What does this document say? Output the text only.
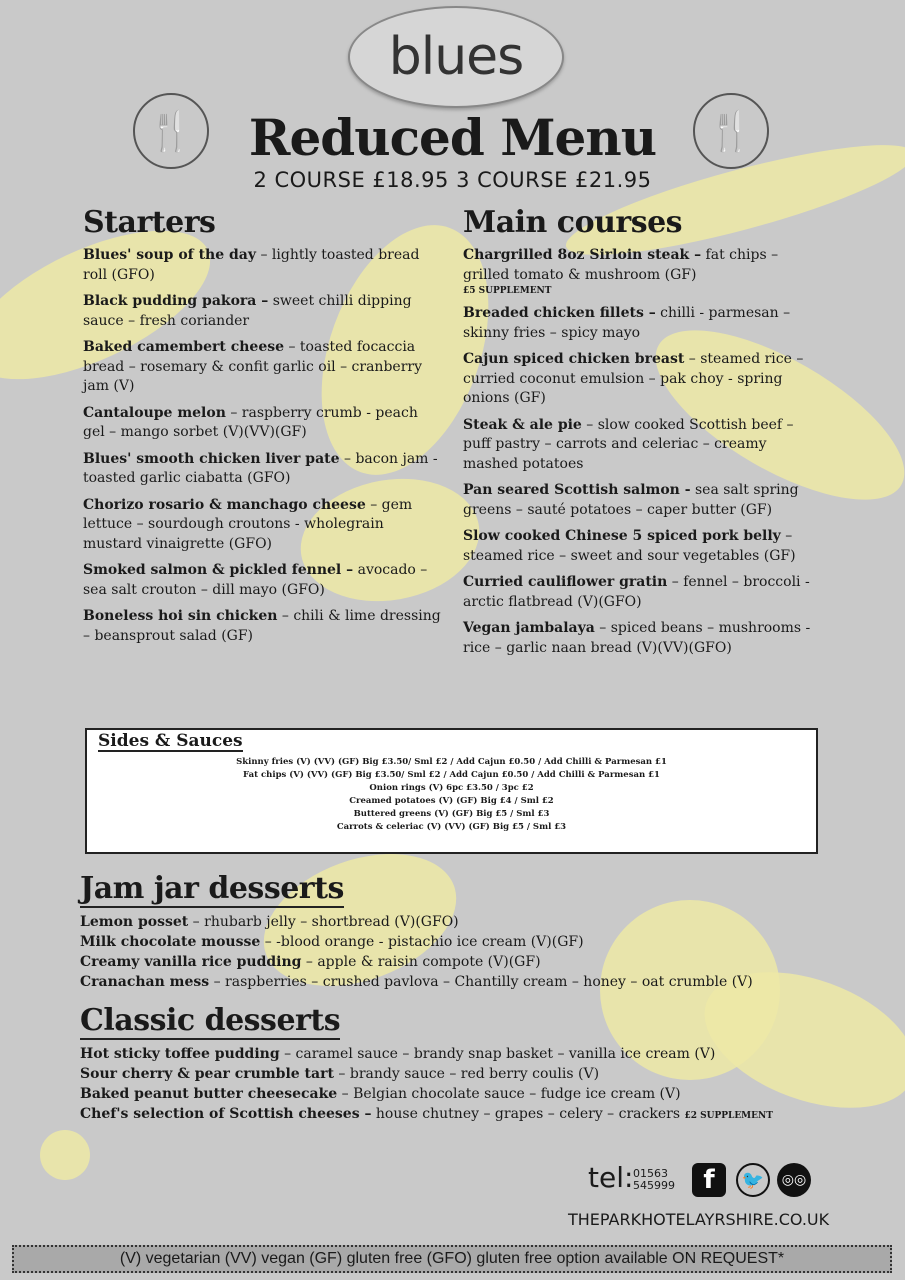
blues
🍴	🍴
Reduced Menu
2 COURSE £18.95 3 COURSE £21.95
Starters
Blues' soup of the day – lightly toasted bread roll (GFO)
Black pudding pakora – sweet chilli dipping sauce – fresh coriander
Baked camembert cheese – toasted focaccia bread – rosemary & confit garlic oil – cranberry jam (V)
Cantaloupe melon – raspberry crumb - peach gel – mango sorbet (V)(VV)(GF)
Blues' smooth chicken liver pate – bacon jam - toasted garlic ciabatta (GFO)
Chorizo rosario & manchago cheese – gem lettuce – sourdough croutons - wholegrain mustard vinaigrette (GFO)
Smoked salmon & pickled fennel – avocado – sea salt crouton – dill mayo (GFO)
Boneless hoi sin chicken – chili & lime dressing – beansprout salad (GF)
Main courses
Chargrilled 8oz Sirloin steak – fat chips – grilled tomato & mushroom (GF)
£5 SUPPLEMENT
Breaded chicken fillets – chilli - parmesan – skinny fries – spicy mayo
Cajun spiced chicken breast – steamed rice – curried coconut emulsion – pak choy - spring onions (GF)
Steak & ale pie – slow cooked Scottish beef – puff pastry – carrots and celeriac – creamy mashed potatoes
Pan seared Scottish salmon - sea salt spring greens – sauté potatoes – caper butter (GF)
Slow cooked Chinese 5 spiced pork belly – steamed rice – sweet and sour vegetables (GF)
Curried cauliflower gratin – fennel – broccoli - arctic flatbread (V)(GFO)
Vegan jambalaya – spiced beans – mushrooms - rice – garlic naan bread (V)(VV)(GFO)
Sides & Sauces
Skinny fries (V) (VV) (GF) Big £3.50/ Sml £2 / Add Cajun £0.50 / Add Chilli & Parmesan £1
Fat chips (V) (VV) (GF) Big £3.50/ Sml £2 / Add Cajun £0.50 / Add Chilli & Parmesan £1
Onion rings (V) 6pc £3.50 / 3pc £2
Creamed potatoes (V) (GF) Big £4 / Sml £2
Buttered greens (V) (GF) Big £5 / Sml £3
Carrots & celeriac (V) (VV) (GF) Big £5 / Sml £3
Jam jar desserts
Lemon posset – rhubarb jelly – shortbread (V)(GFO)
Milk chocolate mousse – -blood orange - pistachio ice cream (V)(GF)
Creamy vanilla rice pudding – apple & raisin compote (V)(GF)
Cranachan mess – raspberries – crushed pavlova – Chantilly cream – honey – oat crumble (V)
Classic desserts
Hot sticky toffee pudding – caramel sauce – brandy snap basket – vanilla ice cream (V)
Sour cherry & pear crumble tart – brandy sauce – red berry coulis (V)
Baked peanut butter cheesecake – Belgian chocolate sauce – fudge ice cream (V)
Chef's selection of Scottish cheeses – house chutney – grapes – celery – crackers £2 SUPPLEMENT
tel: 01563
545999	f	🐦	◎◎
THEPARKHOTELAYRSHIRE.CO.UK
(V) vegetarian (VV) vegan (GF) gluten free (GFO) gluten free option available ON REQUEST*
